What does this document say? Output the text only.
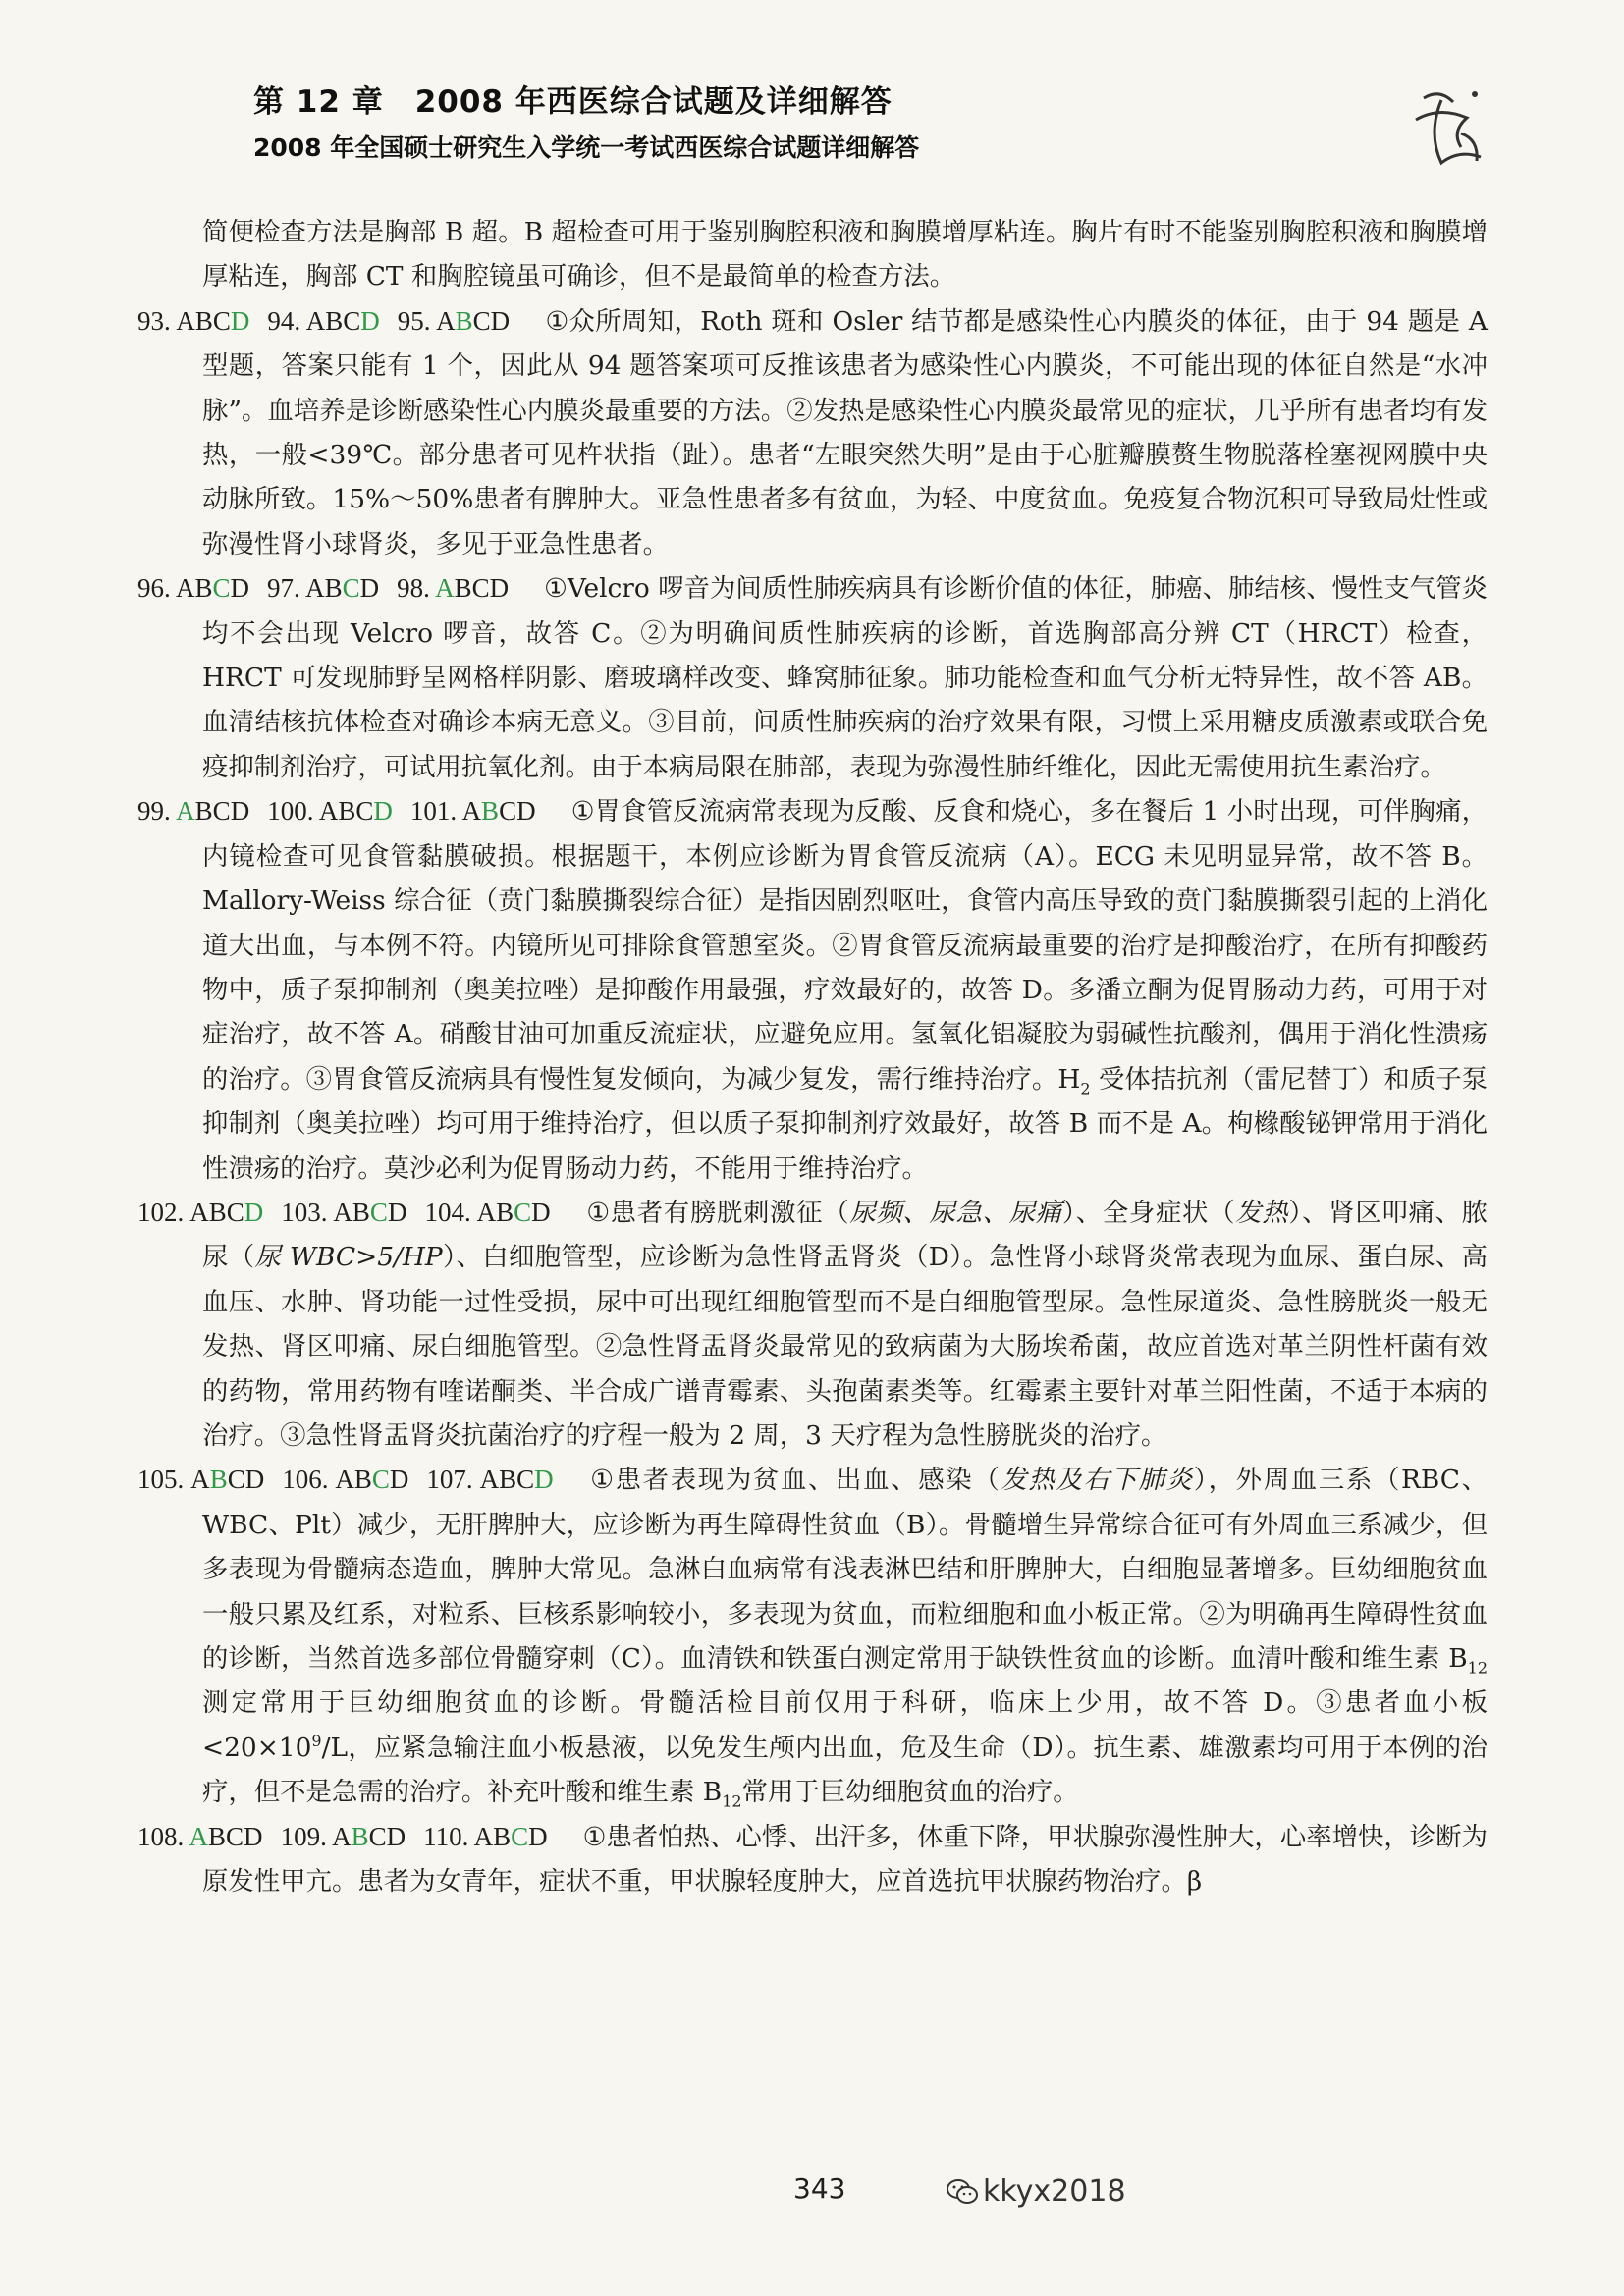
第 12 章　2008 年西医综合试题及详细解答
2008 年全国硕士研究生入学统一考试西医综合试题详细解答

简便检查方法是胸部 B 超。B 超检查可用于鉴别胸腔积液和胸膜增厚粘连。胸片有时不能鉴别胸腔积液和胸膜增厚粘连，胸部 CT 和胸腔镜虽可确诊，但不是最简单的检查方法。

93. ABCD 94. ABCD 95. ABCD ①众所周知，Roth 斑和 Osler 结节都是感染性心内膜炎的体征，由于 94 题是 A 型题，答案只能有 1 个，因此从 94 题答案项可反推该患者为感染性心内膜炎，不可能出现的体征自然是“水冲脉”。血培养是诊断感染性心内膜炎最重要的方法。②发热是感染性心内膜炎最常见的症状，几乎所有患者均有发热，一般<39℃。部分患者可见杵状指（趾）。患者“左眼突然失明”是由于心脏瓣膜赘生物脱落栓塞视网膜中央动脉所致。15%～50%患者有脾肿大。亚急性患者多有贫血，为轻、中度贫血。免疫复合物沉积可导致局灶性或弥漫性肾小球肾炎，多见于亚急性患者。

96. ABCD 97. ABCD 98. ABCD ①Velcro 啰音为间质性肺疾病具有诊断价值的体征，肺癌、肺结核、慢性支气管炎均不会出现 Velcro 啰音，故答 C。②为明确间质性肺疾病的诊断，首选胸部高分辨 CT（HRCT）检查，HRCT 可发现肺野呈网格样阴影、磨玻璃样改变、蜂窝肺征象。肺功能检查和血气分析无特异性，故不答 AB。血清结核抗体检查对确诊本病无意义。③目前，间质性肺疾病的治疗效果有限，习惯上采用糖皮质激素或联合免疫抑制剂治疗，可试用抗氧化剂。由于本病局限在肺部，表现为弥漫性肺纤维化，因此无需使用抗生素治疗。

99. ABCD 100. ABCD 101. ABCD ①胃食管反流病常表现为反酸、反食和烧心，多在餐后 1 小时出现，可伴胸痛，内镜检查可见食管黏膜破损。根据题干，本例应诊断为胃食管反流病（A）。ECG 未见明显异常，故不答 B。Mallory-Weiss 综合征（贲门黏膜撕裂综合征）是指因剧烈呕吐，食管内高压导致的贲门黏膜撕裂引起的上消化道大出血，与本例不符。内镜所见可排除食管憩室炎。②胃食管反流病最重要的治疗是抑酸治疗，在所有抑酸药物中，质子泵抑制剂（奥美拉唑）是抑酸作用最强，疗效最好的，故答 D。多潘立酮为促胃肠动力药，可用于对症治疗，故不答 A。硝酸甘油可加重反流症状，应避免应用。氢氧化铝凝胶为弱碱性抗酸剂，偶用于消化性溃疡的治疗。③胃食管反流病具有慢性复发倾向，为减少复发，需行维持治疗。$H_2$ 受体拮抗剂（雷尼替丁）和质子泵抑制剂（奥美拉唑）均可用于维持治疗，但以质子泵抑制剂疗效最好，故答 B 而不是 A。枸橼酸铋钾常用于消化性溃疡的治疗。莫沙必利为促胃肠动力药，不能用于维持治疗。

102. ABCD 103. ABCD 104. ABCD ①患者有膀胱刺激征（尿频、尿急、尿痛）、全身症状（发热）、肾区叩痛、脓尿（尿 WBC>5/HP）、白细胞管型，应诊断为急性肾盂肾炎（D）。急性肾小球肾炎常表现为血尿、蛋白尿、高血压、水肿、肾功能一过性受损，尿中可出现红细胞管型而不是白细胞管型尿。急性尿道炎、急性膀胱炎一般无发热、肾区叩痛、尿白细胞管型。②急性肾盂肾炎最常见的致病菌为大肠埃希菌，故应首选对革兰阴性杆菌有效的药物，常用药物有喹诺酮类、半合成广谱青霉素、头孢菌素类等。红霉素主要针对革兰阳性菌，不适于本病的治疗。③急性肾盂肾炎抗菌治疗的疗程一般为 2 周，3 天疗程为急性膀胱炎的治疗。

105. ABCD 106. ABCD 107. ABCD ①患者表现为贫血、出血、感染（发热及右下肺炎），外周血三系（RBC、WBC、Plt）减少，无肝脾肿大，应诊断为再生障碍性贫血（B）。骨髓增生异常综合征可有外周血三系减少，但多表现为骨髓病态造血，脾肿大常见。急淋白血病常有浅表淋巴结和肝脾肿大，白细胞显著增多。巨幼细胞贫血一般只累及红系，对粒系、巨核系影响较小，多表现为贫血，而粒细胞和血小板正常。②为明确再生障碍性贫血的诊断，当然首选多部位骨髓穿刺（C）。血清铁和铁蛋白测定常用于缺铁性贫血的诊断。血清叶酸和维生素 $B_{12}$测定常用于巨幼细胞贫血的诊断。骨髓活检目前仅用于科研，临床上少用，故不答 D。③患者血小板$<20\times 10^9/L$，应紧急输注血小板悬液，以免发生颅内出血，危及生命（D）。抗生素、雄激素均可用于本例的治疗，但不是急需的治疗。补充叶酸和维生素 $B_{12}$常用于巨幼细胞贫血的治疗。

108. ABCD 109. ABCD 110. ABCD ①患者怕热、心悸、出汗多，体重下降，甲状腺弥漫性肿大，心率增快，诊断为原发性甲亢。患者为女青年，症状不重，甲状腺轻度肿大，应首选抗甲状腺药物治疗。β

343	kkyx2018
